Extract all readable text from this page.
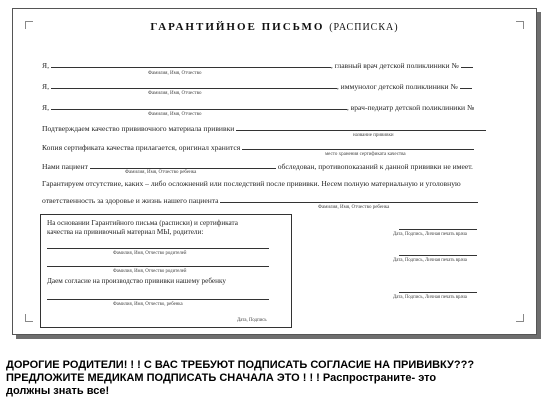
ГАРАНТИЙНОЕ ПИСЬМО (РАСПИСКА)
Я,	, главный врач детской поликлиники №
Фамилия, Имя, Отчество
Я,	, иммунолог детской поликлиники №
Фамилия, Имя, Отчество
Я,	, врач-педиатр детской поликлиники №
Фамилия, Имя, Отчество
Подтверждаем качество прививочного материала прививки
название прививки
Копия сертификата качества прилагается, оригинал хранится
место хранения сертификата качества
Нами пациент	обследован, противопоказаний к данной прививки не имеет.
Фамилия, Имя, Отчество ребенка
Гарантируем отсутствие, каких – либо осложнений или последствий после прививки. Несем полную материальную и уголовную
ответственность за здоровье и жизнь нашего пациента
Фамилия, Имя, Отчество ребенка
На основании Гарантийного письма (расписки) и сертификата
качества на прививочный материал МЫ, родители:
Фамилия, Имя, Отчество родителей
Фамилия, Имя, Отчество родителей
Даем согласие на производство прививки нашему ребенку
Фамилия, Имя, Отчество, ребенка
Дата, Подпись
Дата, Подпись, Личная печать врача
Дата, Подпись, Личная печать врача
Дата, Подпись, Личная печать врача
ДОРОГИЕ РОДИТЕЛИ! ! ! С ВАС ТРЕБУЮТ ПОДПИСАТЬ СОГЛАСИЕ НА ПРИВИВКУ???
ПРЕДЛОЖИТЕ МЕДИКАМ ПОДПИСАТЬ СНАЧАЛА ЭТО ! ! ! Распространите- это
должны знать все!
